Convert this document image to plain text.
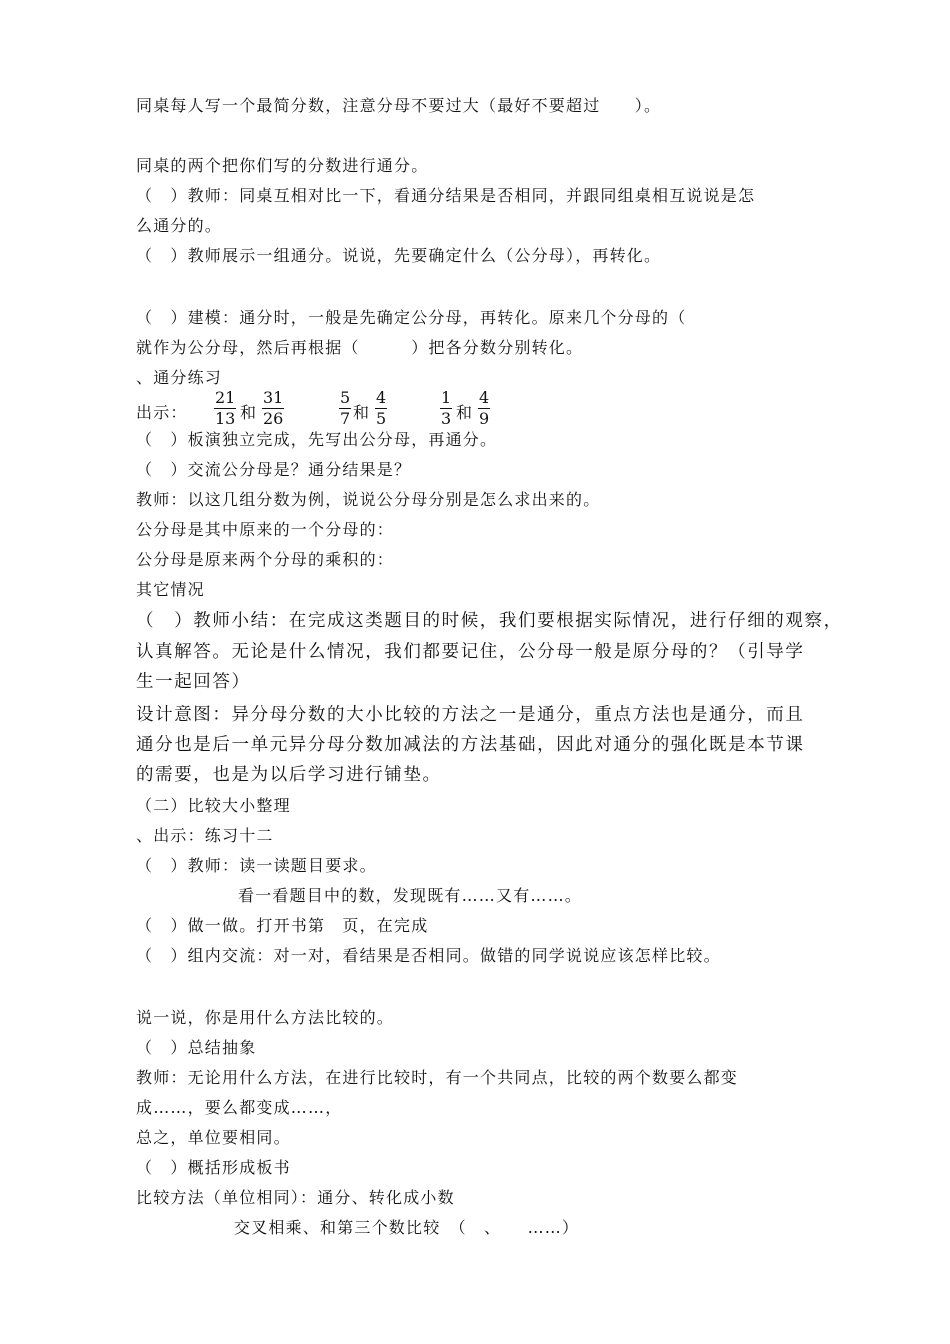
同桌每人写一个最简分数，注意分母不要过大（最好不要超过　　）。
同桌的两个把你们写的分数进行通分。
（　）教师：同桌互相对比一下，看通分结果是否相同，并跟同组桌相互说说是怎
么通分的。
（　）教师展示一组通分。说说，先要确定什么（公分母），再转化。
（　）建模：通分时，一般是先确定公分母，再转化。原来几个分母的（
就作为公分母，然后再根据（　　　）把各分数分别转化。
、通分练习
出示： $\frac{21}{13}$ 和 $\frac{31}{26}$	$\frac{5}{7}$ 和 $\frac{4}{5}$	$\frac{1}{3}$ 和 $\frac{4}{9}$
（　）板演独立完成，先写出公分母，再通分。
（　）交流公分母是？通分结果是？
教师：以这几组分数为例，说说公分母分别是怎么求出来的。
公分母是其中原来的一个分母的：
公分母是原来两个分母的乘积的：
其它情况
（　）教师小结：在完成这类题目的时候，我们要根据实际情况，进行仔细的观察，
认真解答。无论是什么情况，我们都要记住，公分母一般是原分母的？（引导学
生一起回答）
设计意图：异分母分数的大小比较的方法之一是通分，重点方法也是通分，而且
通分也是后一单元异分母分数加减法的方法基础，因此对通分的强化既是本节课
的需要，也是为以后学习进行铺垫。
（二）比较大小整理
、出示：练习十二
（　）教师：读一读题目要求。
看一看题目中的数，发现既有……又有……。
（　）做一做。打开书第　页，在完成
（　）组内交流：对一对，看结果是否相同。做错的同学说说应该怎样比较。
说一说，你是用什么方法比较的。
（　）总结抽象
教师：无论用什么方法，在进行比较时，有一个共同点，比较的两个数要么都变
成……，要么都变成……，
总之，单位要相同。
（　）概括形成板书
比较方法（单位相同）：通分、转化成小数
交叉相乘、和第三个数比较　（　、　　……）
